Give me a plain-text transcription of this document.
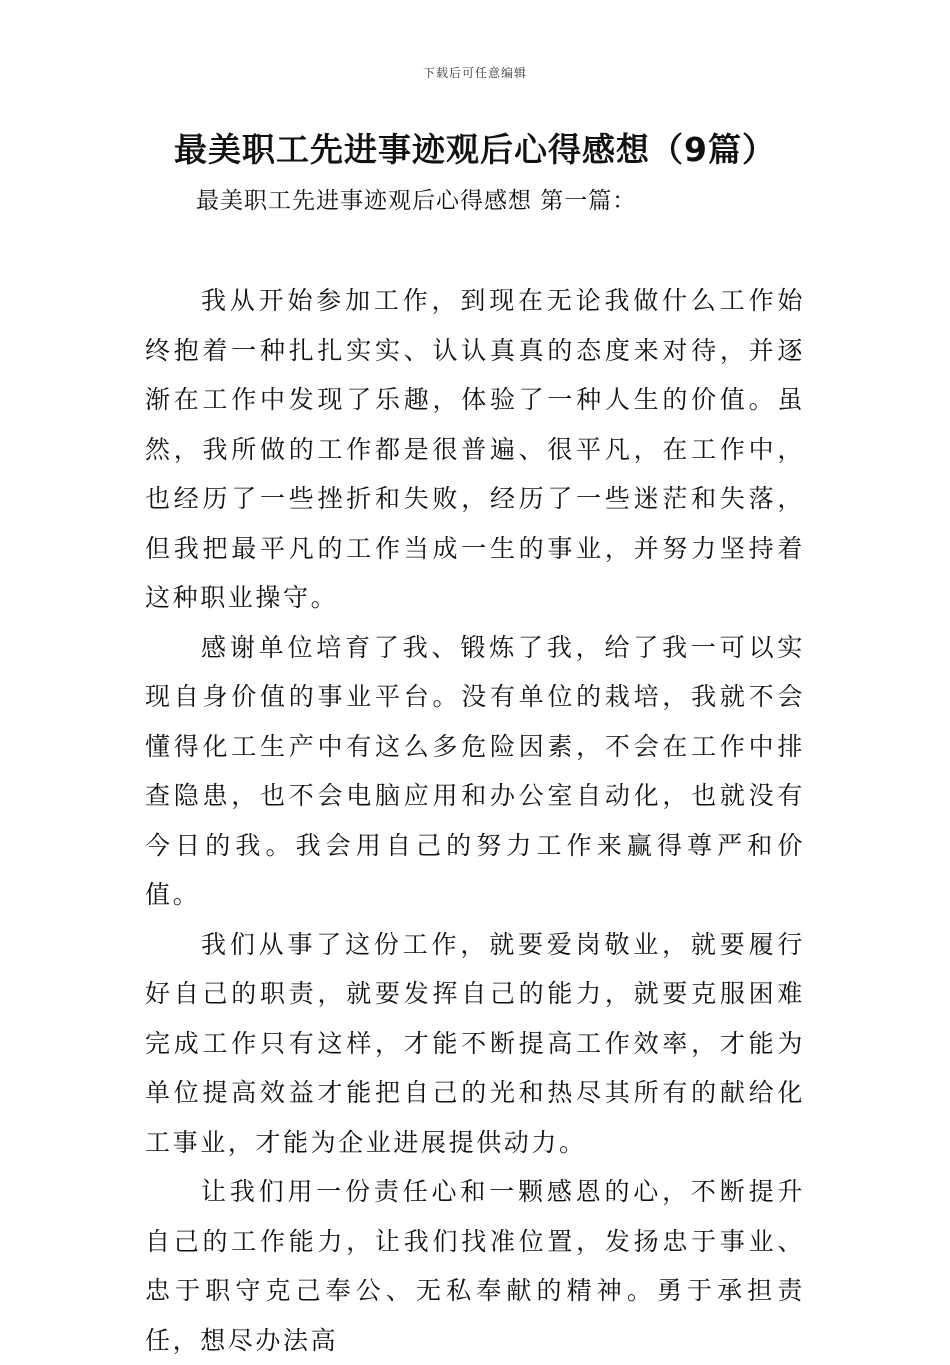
下载后可任意编辑
最美职工先进事迹观后心得感想（9篇）
最美职工先进事迹观后心得感想 第一篇：

我从开始参加工作，到现在无论我做什么工作始终抱着一种扎扎实实、认认真真的态度来对待，并逐渐在工作中发现了乐趣，体验了一种人生的价值。虽然，我所做的工作都是很普遍、很平凡，在工作中，也经历了一些挫折和失败，经历了一些迷茫和失落，但我把最平凡的工作当成一生的事业，并努力坚持着这种职业操守。

感谢单位培育了我、锻炼了我，给了我一可以实现自身价值的事业平台。没有单位的栽培，我就不会懂得化工生产中有这么多危险因素，不会在工作中排查隐患，也不会电脑应用和办公室自动化，也就没有今日的我。我会用自己的努力工作来赢得尊严和价值。

我们从事了这份工作，就要爱岗敬业，就要履行好自己的职责，就要发挥自己的能力，就要克服困难完成工作只有这样，才能不断提高工作效率，才能为单位提高效益才能把自己的光和热尽其所有的献给化工事业，才能为企业进展提供动力。

让我们用一份责任心和一颗感恩的心，不断提升自己的工作能力，让我们找准位置，发扬忠于事业、忠于职守克己奉公、无私奉献的精神。勇于承担责任，想尽办法高
